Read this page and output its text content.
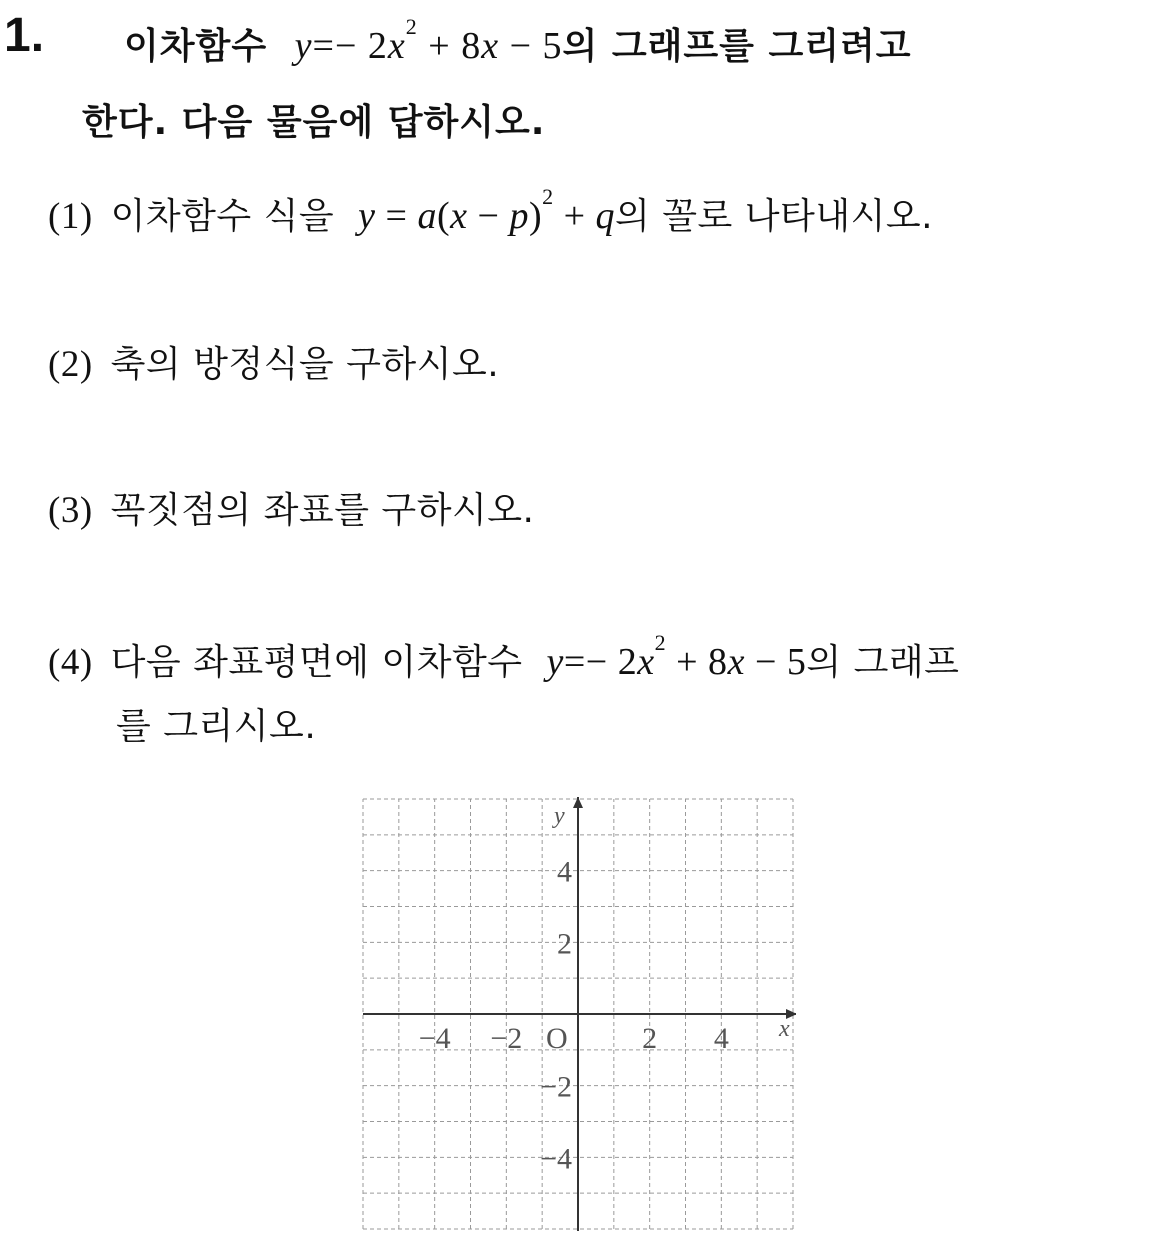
1. 이차함수 $y=- 2x^2 + 8x - 5$의 그래프를 그리려고
한다. 다음 물음에 답하시오.
(1) 이차함수 식을 $y = a(x - p)^2 + q$의 꼴로 나타내시오.
(2) 축의 방정식을 구하시오.
(3) 꼭짓점의 좌표를 구하시오.
(4) 다음 좌표평면에 이차함수 $y=- 2x^2 + 8x - 5$의 그래프
를 그리시오.
x
y
O
−4 −2	2 4
4
2
−2
−4
